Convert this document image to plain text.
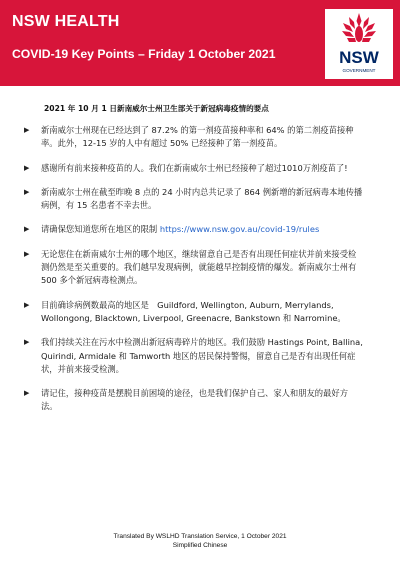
NSW HEALTH
COVID-19 Key Points – Friday 1 October 2021	NSW
GOVERNMENT
2021 年 10 月 1 日新南威尔士州卫生部关于新冠病毒疫情的要点
▶	新南威尔士州现在已经达到了 87.2% 的第一剂疫苗接种率和 64% 的第二剂疫苗接种率。此外，12-15 岁的人中有超过 50% 已经接种了第一剂疫苗。
▶	感谢所有前来接种疫苗的人。我们在新南威尔士州已经接种了超过1010万剂疫苗了!
▶	新南威尔士州在截至昨晚 8 点的 24 小时内总共记录了 864 例新增的新冠病毒本地传播病例，有 15 名患者不幸去世。
▶	请确保您知道您所在地区的限制 https://www.nsw.gov.au/covid-19/rules
▶	无论您住在新南威尔士州的哪个地区，继续留意自己是否有出现任何症状并前来接受检测仍然是至关重要的。我们越早发现病例，就能越早控制疫情的爆发。新南威尔士州有 500 多个新冠病毒检测点。
▶	目前确诊病例数最高的地区是　Guildford, Wellington, Auburn, Merrylands, Wollongong, Blacktown, Liverpool, Greenacre, Bankstown 和 Narromine。
▶	我们持续关注在污水中检测出新冠病毒碎片的地区。我们鼓励 Hastings Point, Ballina, Quirindi, Armidale 和 Tamworth 地区的居民保持警惕，留意自己是否有出现任何症状，并前来接受检测。
▶	请记住，接种疫苗是摆脱目前困境的途径，也是我们保护自己、家人和朋友的最好方法。
Translated By WSLHD Translation Service, 1 October 2021
Simplified Chinese
